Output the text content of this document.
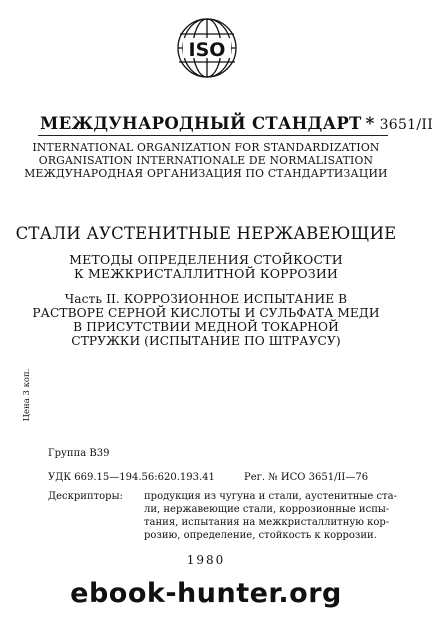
ISO
МЕЖДУНАРОДНЫЙ СТАНДАРТ * 3651/II
INTERNATIONAL ORGANIZATION FOR STANDARDIZATION
ORGANISATION INTERNATIONALE DE NORMALISATION
МЕЖДУНАРОДНАЯ ОРГАНИЗАЦИЯ ПО СТАНДАРТИЗАЦИИ
СТАЛИ АУСТЕНИТНЫЕ НЕРЖАВЕЮЩИЕ
МЕТОДЫ ОПРЕДЕЛЕНИЯ СТОЙКОСТИ
К МЕЖКРИСТАЛЛИТНОЙ КОРРОЗИИ
Часть II. КОРРОЗИОННОЕ ИСПЫТАНИЕ В
РАСТВОРЕ СЕРНОЙ КИСЛОТЫ И СУЛЬФАТА МЕДИ
В ПРИСУТСТВИИ МЕДНОЙ ТОКАРНОЙ
СТРУЖКИ (ИСПЫТАНИЕ ПО ШТРАУСУ)
Цена 3 коп.
Группа В39
УДК 669.15—194.56:620.193.41	Рег. № ИСО 3651/II—76
Дескрипторы: продукция из чугуна и стали, аустенитные ста-
ли, нержавеющие стали, коррозионные испы-
тания, испытания на межкристаллитную кор-
розию, определение, стойкость к коррозии.
1980
ebook-hunter.org
